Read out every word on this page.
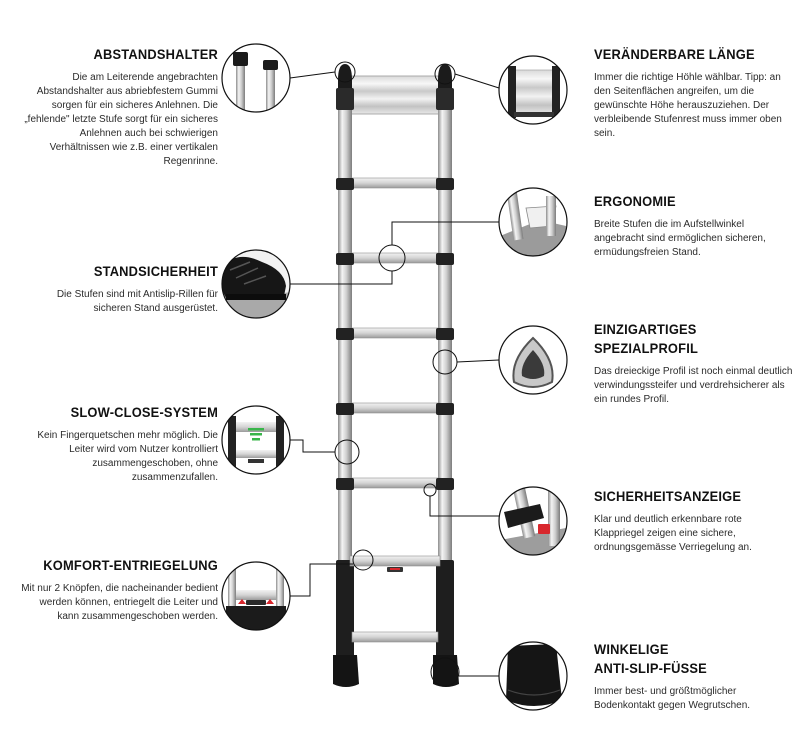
ABSTANDSHALTER

Die am Leiterende angebrachten Abstandshalter aus abriebfestem Gummi sorgen für ein sicheres Anlehnen. Die „fehlende" letzte Stufe sorgt für ein sicheres Anlehnen auch bei schwierigen Verhältnissen wie z.B. einer vertikalen Regenrinne.

STANDSICHERHEIT

Die Stufen sind mit Antislip-Rillen für sicheren Stand ausgerüstet.

SLOW-CLOSE-SYSTEM

Kein Fingerquetschen mehr möglich. Die Leiter wird vom Nutzer kontrolliert zusammengeschoben, ohne zusammenzufallen.

KOMFORT-ENTRIEGELUNG

Mit nur 2 Knöpfen, die nacheinander bedient werden können, entriegelt die Leiter und kann zusammengeschoben werden.

VERÄNDERBARE LÄNGE

Immer die richtige Höhle wählbar. Tipp: an den Seitenflächen angreifen, um die gewünschte Höhe herauszuziehen. Der verbleibende Stufenrest muss immer oben sein.

ERGONOMIE

Breite Stufen die im Aufstellwinkel angebracht sind ermöglichen sicheren, ermüdungsfreien Stand.

EINZIGARTIGES
SPEZIALPROFIL

Das dreieckige Profil ist noch einmal deutlich verwindungssteifer und verdrehsicherer als ein rundes Profil.

SICHERHEITSANZEIGE

Klar und deutlich erkennbare rote Klappriegel zeigen eine sichere, ordnungsgemässe Verriegelung an.

WINKELIGE
ANTI-SLIP-FÜSSE

Immer best- und größtmöglicher Bodenkontakt gegen Wegrutschen.
